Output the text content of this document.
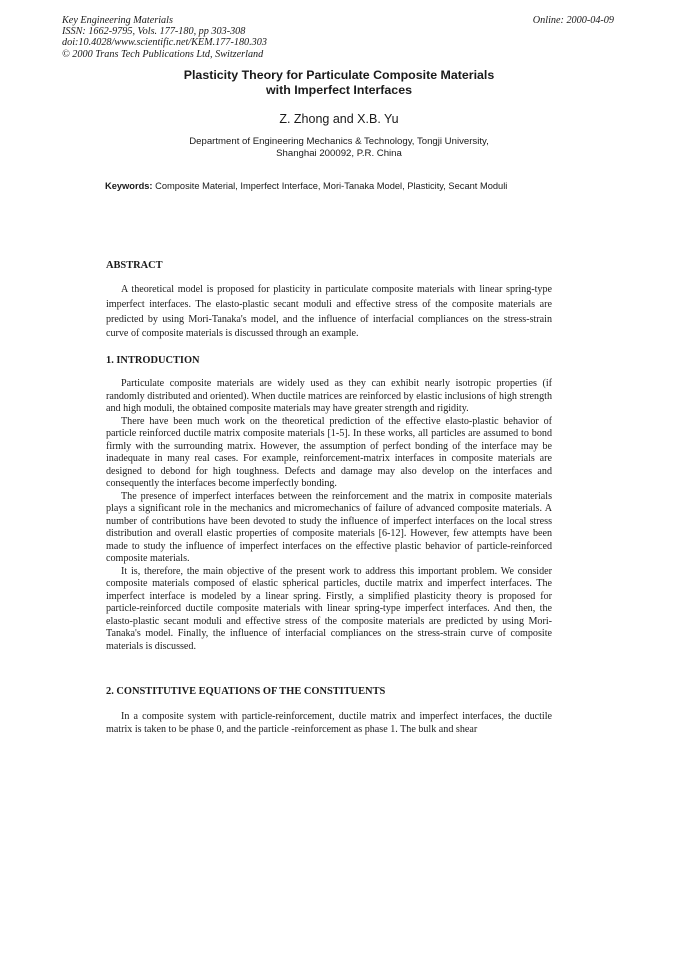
Key Engineering Materials
ISSN: 1662-9795, Vols. 177-180, pp 303-308
doi:10.4028/www.scientific.net/KEM.177-180.303
© 2000 Trans Tech Publications Ltd, Switzerland
Online: 2000-04-09
Plasticity Theory for Particulate Composite Materials
with Imperfect Interfaces
Z. Zhong and X.B. Yu
Department of Engineering Mechanics & Technology, Tongji University,
Shanghai 200092, P.R. China
Keywords: Composite Material, Imperfect Interface, Mori-Tanaka Model, Plasticity, Secant Moduli
ABSTRACT

A theoretical model is proposed for plasticity in particulate composite materials with linear spring-type imperfect interfaces. The elasto-plastic secant moduli and effective stress of the composite materials are predicted by using Mori-Tanaka's model, and the influence of interfacial compliances on the stress-strain curve of composite materials is discussed through an example.

1. INTRODUCTION

Particulate composite materials are widely used as they can exhibit nearly isotropic properties (if randomly distributed and oriented). When ductile matrices are reinforced by elastic inclusions of high strength and high moduli, the obtained composite materials may have greater strength and rigidity.

There have been much work on the theoretical prediction of the effective elasto-plastic behavior of particle reinforced ductile matrix composite materials [1-5]. In these works, all particles are assumed to bond firmly with the surrounding matrix. However, the assumption of perfect bonding of the interface may be inadequate in many real cases. For example, reinforcement-matrix interfaces in composite materials are designed to debond for high toughness. Defects and damage may also develop on the interfaces and consequently the interfaces become imperfectly bonding.

The presence of imperfect interfaces between the reinforcement and the matrix in composite materials plays a significant role in the mechanics and micromechanics of failure of advanced composite materials. A number of contributions have been devoted to study the influence of imperfect interfaces on the local stress distribution and overall elastic properties of composite materials [6-12]. However, few attempts have been made to study the influence of imperfect interfaces on the effective plastic behavior of particle-reinforced composite materials.

It is, therefore, the main objective of the present work to address this important problem. We consider composite materials composed of elastic spherical particles, ductile matrix and imperfect interfaces. The imperfect interface is modeled by a linear spring. Firstly, a simplified plasticity theory is proposed for particle-reinforced ductile composite materials with linear spring-type imperfect interfaces. And then, the elasto-plastic secant moduli and effective stress of the composite materials are predicted by using Mori-Tanaka's model. Finally, the influence of interfacial compliances on the stress-strain curve of composite materials is discussed.

2. CONSTITUTIVE EQUATIONS OF THE CONSTITUENTS

In a composite system with particle-reinforcement, ductile matrix and imperfect interfaces, the ductile matrix is taken to be phase 0, and the particle -reinforcement as phase 1. The bulk and shear
